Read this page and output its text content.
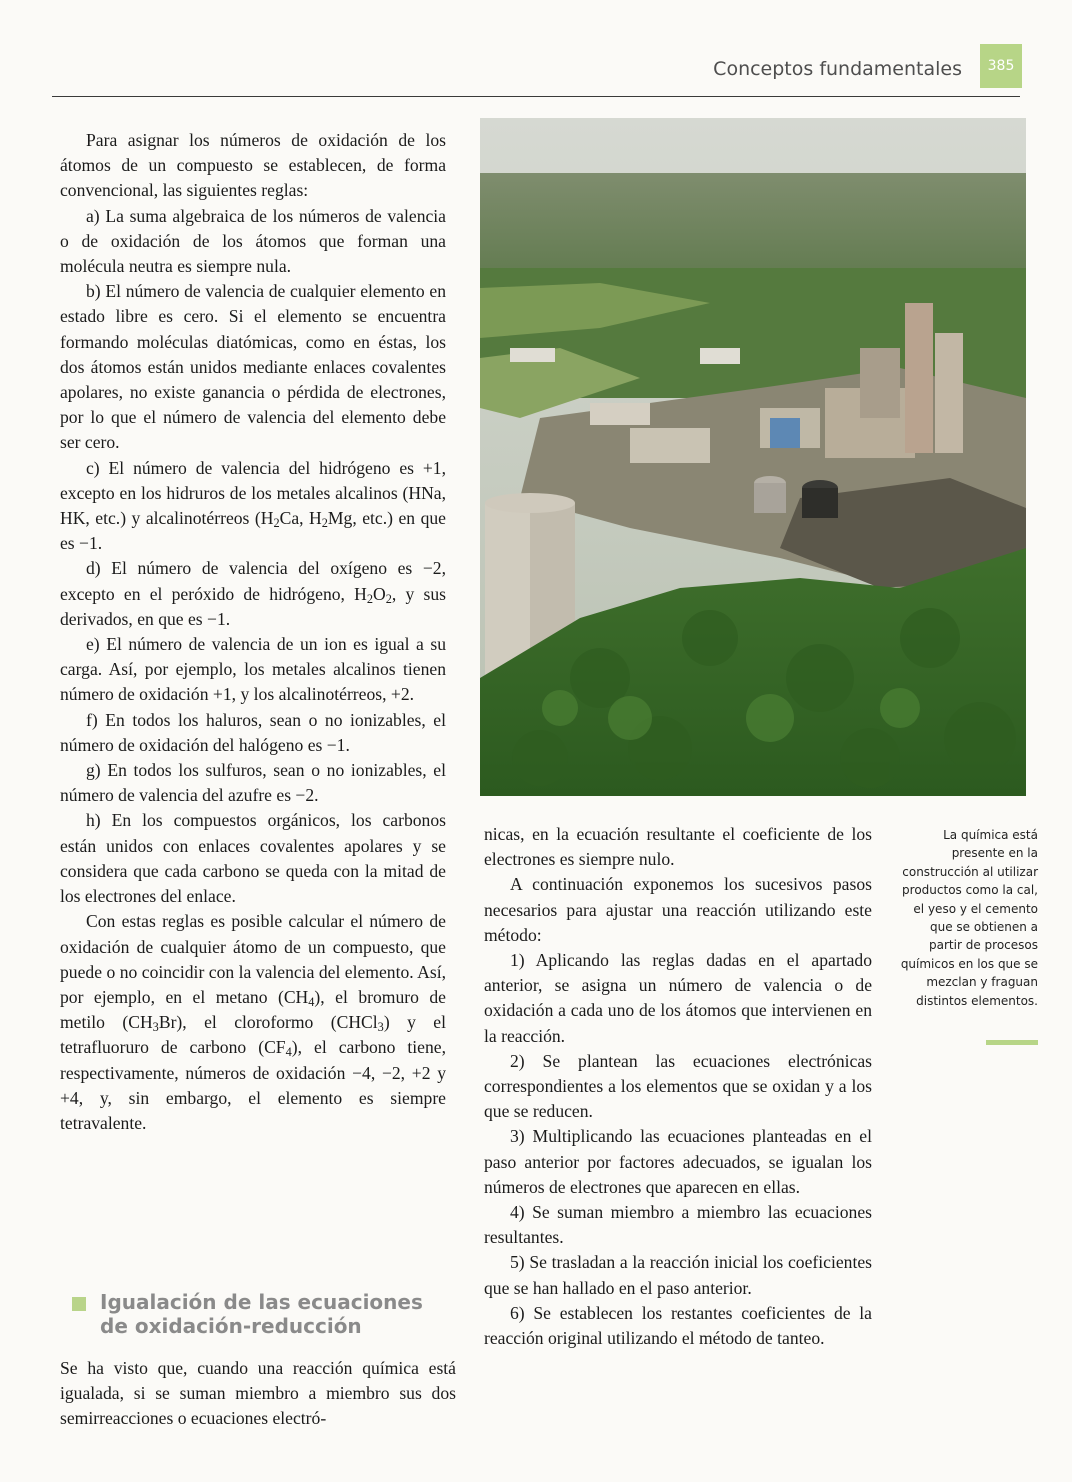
Conceptos fundamentales	385

Para asignar los números de oxidación de los átomos de un compuesto se establecen, de forma convencional, las siguientes reglas:

a) La suma algebraica de los números de valencia o de oxidación de los átomos que forman una molécula neutra es siempre nula.

b) El número de valencia de cualquier elemento en estado libre es cero. Si el elemento se encuentra formando moléculas diatómicas, como en éstas, los dos átomos están unidos mediante enlaces covalentes apolares, no existe ganancia o pérdida de electrones, por lo que el número de valencia del elemento debe ser cero.

c) El número de valencia del hidrógeno es +1, excepto en los hidruros de los metales alcalinos (HNa, HK, etc.) y alcalinotérreos ($H_2Ca$, $H_2Mg$, etc.) en que es −1.

d) El número de valencia del oxígeno es −2, excepto en el peróxido de hidrógeno, $H_2O_2$, y sus derivados, en que es −1.

e) El número de valencia de un ion es igual a su carga. Así, por ejemplo, los metales alcalinos tienen número de oxidación +1, y los alcalinotérreos, +2.

f) En todos los haluros, sean o no ionizables, el número de oxidación del halógeno es −1.

g) En todos los sulfuros, sean o no ionizables, el número de valencia del azufre es −2.

h) En los compuestos orgánicos, los carbonos están unidos con enlaces covalentes apolares y se considera que cada carbono se queda con la mitad de los electrones del enlace.

Con estas reglas es posible calcular el número de oxidación de cualquier átomo de un compuesto, que puede o no coincidir con la valencia del elemento. Así, por ejemplo, en el metano $(CH_4)$, el bromuro de metilo $(CH_3Br)$, el cloroformo (CHCl$_3$) y el tetrafluoruro de carbono $(CF_4)$, el carbono tiene, respectivamente, números de oxidación −4, −2, +2 y +4, y, sin embargo, el elemento es siempre tetravalente.

Igualación de las ecuaciones
de oxidación-reducción

Se ha visto que, cuando una reacción química está igualada, si se suman miembro a miembro sus dos semirreacciones o ecuaciones electró-

nicas, en la ecuación resultante el coeficiente de los electrones es siempre nulo.

A continuación exponemos los sucesivos pasos necesarios para ajustar una reacción utilizando este método:

1) Aplicando las reglas dadas en el apartado anterior, se asigna un número de valencia o de oxidación a cada uno de los átomos que intervienen en la reacción.

2) Se plantean las ecuaciones electrónicas correspondientes a los elementos que se oxidan y a los que se reducen.

3) Multiplicando las ecuaciones planteadas en el paso anterior por factores adecuados, se igualan los números de electrones que aparecen en ellas.

4) Se suman miembro a miembro las ecuaciones resultantes.

5) Se trasladan a la reacción inicial los coeficientes que se han hallado en el paso anterior.

6) Se establecen los restantes coeficientes de la reacción original utilizando el método de tanteo.

La química está presente en la construcción al utilizar productos como la cal, el yeso y el cemento que se obtienen a partir de procesos químicos en los que se mezclan y fraguan distintos elementos.
